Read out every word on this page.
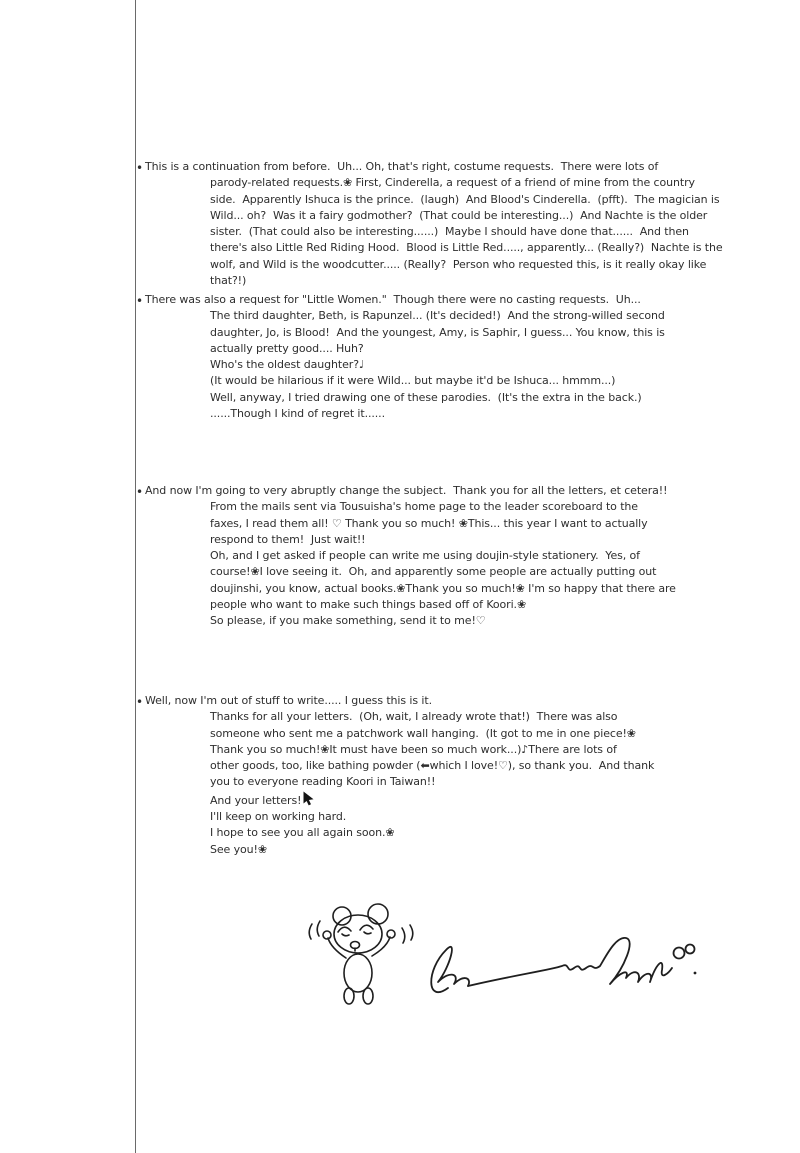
• This is a continuation from before.  Uh... Oh, that's right, costume requests.  There were lots of
parody-related requests.❀ First, Cinderella, a request of a friend of mine from the country
side.  Apparently Ishuca is the prince.  (laugh)  And Blood's Cinderella.  (pfft).  The magician is
Wild... oh?  Was it a fairy godmother?  (That could be interesting...)  And Nachte is the older
sister.  (That could also be interesting......)  Maybe I should have done that......  And then
there's also Little Red Riding Hood.  Blood is Little Red....., apparently... (Really?)  Nachte is the
wolf, and Wild is the woodcutter..... (Really?  Person who requested this, is it really okay like
that?!)
• There was also a request for "Little Women."  Though there were no casting requests.  Uh...
The third daughter, Beth, is Rapunzel... (It's decided!)  And the strong-willed second
daughter, Jo, is Blood!  And the youngest, Amy, is Saphir, I guess... You know, this is
actually pretty good.... Huh?
Who's the oldest daughter?♩
(It would be hilarious if it were Wild... but maybe it'd be Ishuca... hmmm...)
Well, anyway, I tried drawing one of these parodies.  (It's the extra in the back.)
......Though I kind of regret it......
• And now I'm going to very abruptly change the subject.  Thank you for all the letters, et cetera!!
From the mails sent via Tousuisha's home page to the leader scoreboard to the
faxes, I read them all! ♡ Thank you so much! ❀This... this year I want to actually
respond to them!  Just wait!!
Oh, and I get asked if people can write me using doujin-style stationery.  Yes, of
course!❀I love seeing it.  Oh, and apparently some people are actually putting out
doujinshi, you know, actual books.❀Thank you so much!❀ I'm so happy that there are
people who want to make such things based off of Koori.❀
So please, if you make something, send it to me!♡
• Well, now I'm out of stuff to write..... I guess this is it.
Thanks for all your letters.  (Oh, wait, I already wrote that!)  There was also
someone who sent me a patchwork wall hanging.  (It got to me in one piece!❀
Thank you so much!❀It must have been so much work...)♪There are lots of
other goods, too, like bathing powder (⬅which I love!♡), so thank you.  And thank
you to everyone reading Koori in Taiwan!!
And your letters!
I'll keep on working hard.
I hope to see you all again soon.❀
See you!❀
